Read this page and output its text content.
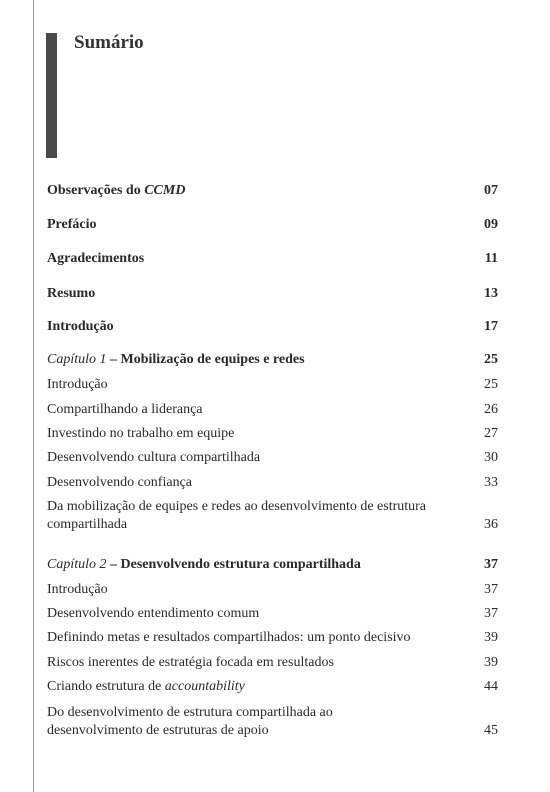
Sumário
Observações do CCMD	07
Prefácio	09
Agradecimentos	11
Resumo	13
Introdução	17
Capítulo 1 – Mobilização de equipes e redes	25
Introdução	25
Compartilhando a liderança	26
Investindo no trabalho em equipe	27
Desenvolvendo cultura compartilhada	30
Desenvolvendo confiança	33
Da mobilização de equipes e redes ao desenvolvimento de estrutura compartilhada	36
Capítulo 2 – Desenvolvendo estrutura compartilhada	37
Introdução	37
Desenvolvendo entendimento comum	37
Definindo metas e resultados compartilhados: um ponto decisivo	39
Riscos inerentes de estratégia focada em resultados	39
Criando estrutura de accountability	44
Do desenvolvimento de estrutura compartilhada ao desenvolvimento de estruturas de apoio	45
